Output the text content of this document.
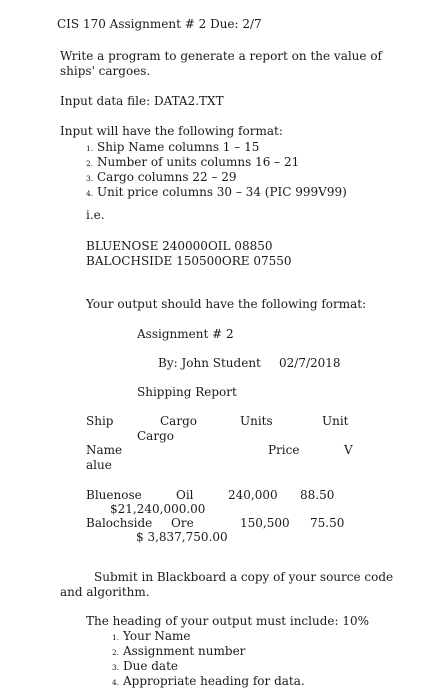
CIS 170 Assignment # 2 Due: 2/7
Write a program to generate a report on the value of
ships' cargoes.
Input data file: DATA2.TXT
Input will have the following format:
1. Ship Name columns 1 – 15
2. Number of units columns 16 – 21
3. Cargo columns 22 – 29
4. Unit price columns 30 – 34 (PIC 999V99)
i.e.
BLUENOSE 240000OIL 08850
BALOCHSIDE 150500ORE 07550
Your output should have the following format:
Assignment # 2
By: John Student 02/7/2018
Shipping Report
Ship	Cargo
Cargo
Units	Unit
Name	Price	V
alue
Bluenose	Oil	240,000 88.50
$21,240,000.00
Balochside Ore	150,500 75.50
$ 3,837,750.00
Submit in Blackboard a copy of your source code
and algorithm.
The heading of your output must include: 10%
1. Your Name
2. Assignment number
3. Due date
4. Appropriate heading for data.
